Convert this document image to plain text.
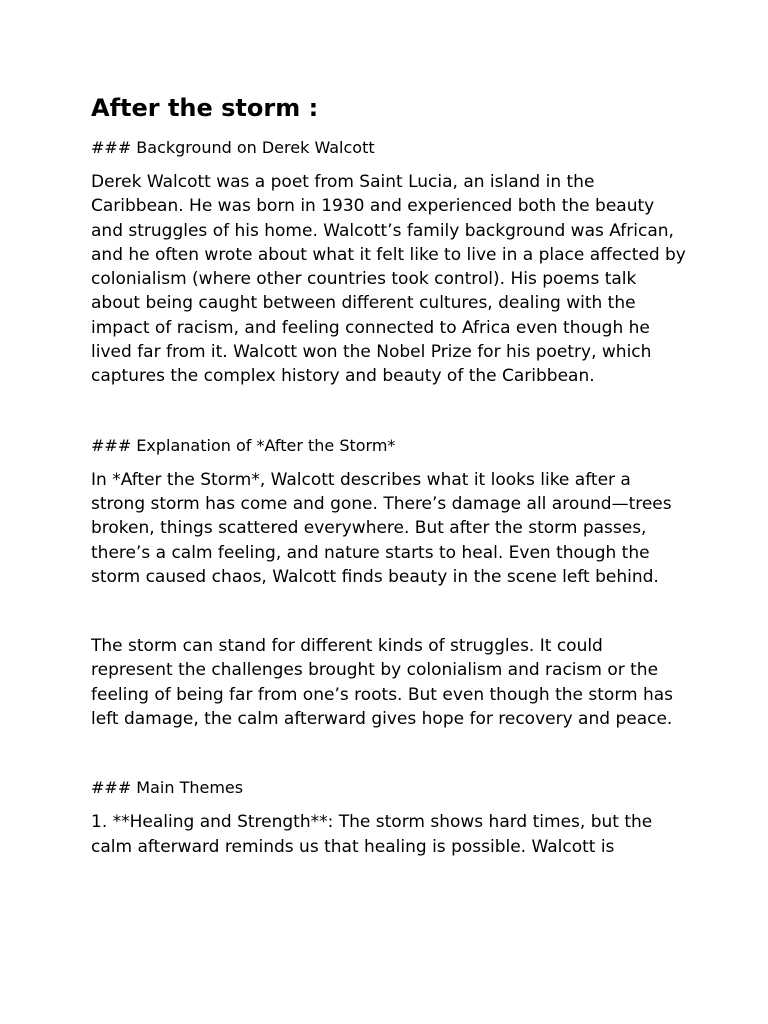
After the storm :
### Background on Derek Walcott

Derek Walcott was a poet from Saint Lucia, an island in the Caribbean. He was born in 1930 and experienced both the beauty and struggles of his home. Walcott’s family background was African, and he often wrote about what it felt like to live in a place affected by colonialism (where other countries took control). His poems talk about being caught between different cultures, dealing with the impact of racism, and feeling connected to Africa even though he lived far from it. Walcott won the Nobel Prize for his poetry, which captures the complex history and beauty of the Caribbean.

### Explanation of *After the Storm*

In *After the Storm*, Walcott describes what it looks like after a strong storm has come and gone. There’s damage all around—trees broken, things scattered everywhere. But after the storm passes, there’s a calm feeling, and nature starts to heal. Even though the storm caused chaos, Walcott finds beauty in the scene left behind.

The storm can stand for different kinds of struggles. It could represent the challenges brought by colonialism and racism or the feeling of being far from one’s roots. But even though the storm has left damage, the calm afterward gives hope for recovery and peace.

### Main Themes

1. **Healing and Strength**: The storm shows hard times, but the calm afterward reminds us that healing is possible. Walcott is
